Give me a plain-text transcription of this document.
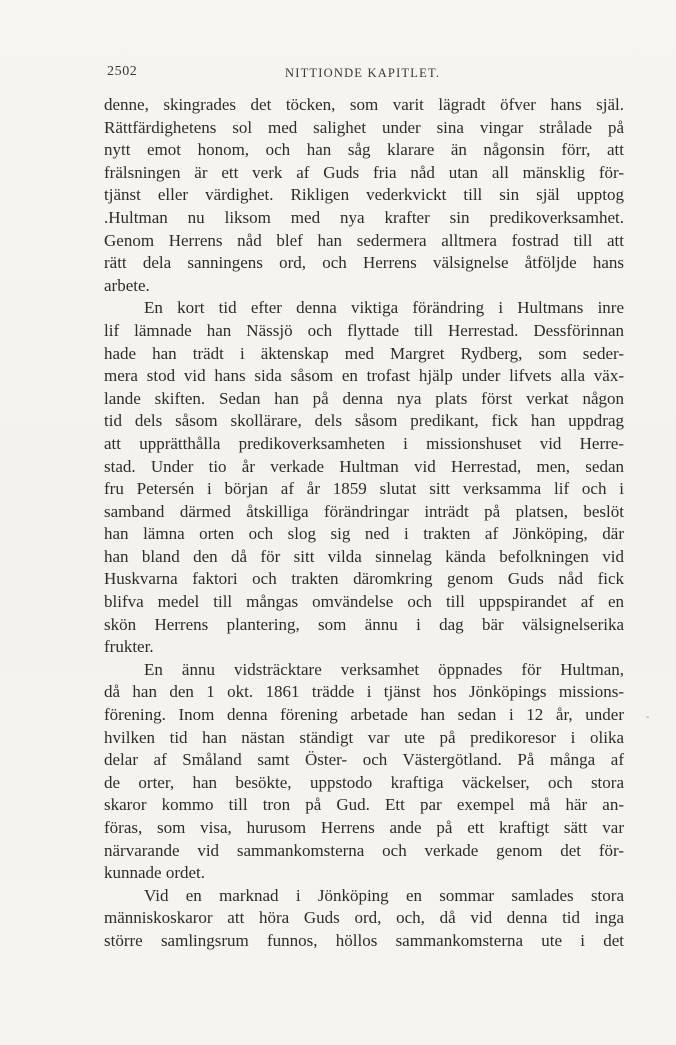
2502	NITTIONDE KAPITLET.
denne, skingrades det töcken, som varit lägradt öfver hans själ.
Rättfärdighetens sol med salighet under sina vingar strålade på
nytt emot honom, och han såg klarare än någonsin förr, att
frälsningen är ett verk af Guds fria nåd utan all mänsklig för-
tjänst eller värdighet. Rikligen vederkvickt till sin själ upptog
.Hultman nu liksom med nya krafter sin predikoverksamhet.
Genom Herrens nåd blef han sedermera alltmera fostrad till att
rätt dela sanningens ord, och Herrens välsignelse åtföljde hans
arbete.
En kort tid efter denna viktiga förändring i Hultmans inre
lif lämnade han Nässjö och flyttade till Herrestad. Dessförinnan
hade han trädt i äktenskap med Margret Rydberg, som seder-
mera stod vid hans sida såsom en trofast hjälp under lifvets alla väx-
lande skiften. Sedan han på denna nya plats först verkat någon
tid dels såsom skollärare, dels såsom predikant, fick han uppdrag
att upprätthålla predikoverksamheten i missionshuset vid Herre-
stad. Under tio år verkade Hultman vid Herrestad, men, sedan
fru Petersén i början af år 1859 slutat sitt verksamma lif och i
samband därmed åtskilliga förändringar inträdt på platsen, beslöt
han lämna orten och slog sig ned i trakten af Jönköping, där
han bland den då för sitt vilda sinnelag kända befolkningen vid
Huskvarna faktori och trakten däromkring genom Guds nåd fick
blifva medel till mångas omvändelse och till uppspirandet af en
skön Herrens plantering, som ännu i dag bär välsignelserika
frukter.
En ännu vidsträcktare verksamhet öppnades för Hultman,
då han den 1 okt. 1861 trädde i tjänst hos Jönköpings missions-
förening. Inom denna förening arbetade han sedan i 12 år, under
hvilken tid han nästan ständigt var ute på predikoresor i olika
delar af Småland samt Öster- och Västergötland. På många af
de orter, han besökte, uppstodo kraftiga väckelser, och stora
skaror kommo till tron på Gud. Ett par exempel må här an-
föras, som visa, hurusom Herrens ande på ett kraftigt sätt var
närvarande vid sammankomsterna och verkade genom det för-
kunnade ordet.
Vid en marknad i Jönköping en sommar samlades stora
människoskaror att höra Guds ord, och, då vid denna tid inga
större samlingsrum funnos, höllos sammankomsterna ute i det
-
